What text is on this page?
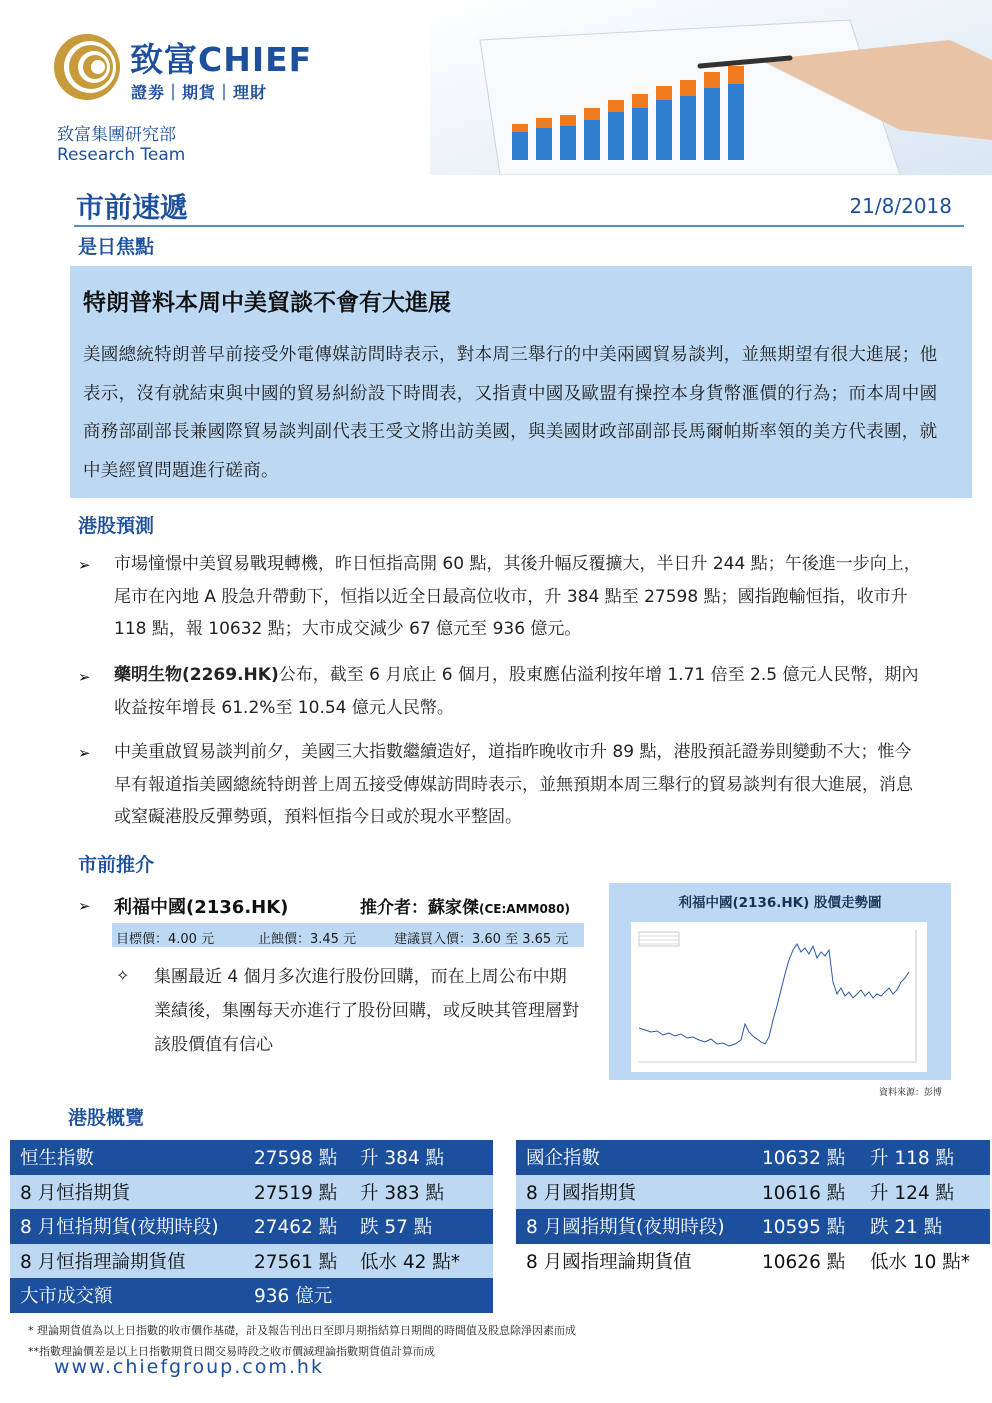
致富CHIEF
證劵｜期貨｜理財
致富集團研究部
Research Team
市前速遞	21/8/2018
是日焦點
特朗普料本周中美貿談不會有大進展
美國總統特朗普早前接受外電傳媒訪問時表示，對本周三舉行的中美兩國貿易談判，並無期望有很大進展；他表示，沒有就結束與中國的貿易糾紛設下時間表，又指責中國及歐盟有操控本身貨幣滙價的行為；而本周中國商務部副部長兼國際貿易談判副代表王受文將出訪美國，與美國財政部副部長馬爾帕斯率領的美方代表團，就中美經貿問題進行磋商。
港股預測
➢ 市場憧憬中美貿易戰現轉機，昨日恒指高開 60 點，其後升幅反覆擴大，半日升 244 點；午後進一步向上，尾市在內地 A 股急升帶動下，恒指以近全日最高位收市，升 384 點至 27598 點；國指跑輸恒指，收市升 118 點，報 10632 點；大市成交減少 67 億元至 936 億元。
➢ 藥明生物(2269.HK)公布，截至 6 月底止 6 個月，股東應佔溢利按年增 1.71 倍至 2.5 億元人民幣，期內收益按年增長 61.2%至 10.54 億元人民幣。
➢ 中美重啟貿易談判前夕，美國三大指數繼續造好，道指昨晚收市升 89 點，港股預託證劵則變動不大；惟今早有報道指美國總統特朗普上周五接受傳媒訪問時表示，並無預期本周三舉行的貿易談判有很大進展，消息或窒礙港股反彈勢頭，預料恒指今日或於現水平整固。
市前推介
➢ 利福中國(2136.HK)	推介者：蘇家傑(CE:AMM080)
目標價：4.00 元	止蝕價：3.45 元	建議買入價：3.60 至 3.65 元
✧ 集團最近 4 個月多次進行股份回購，而在上周公布中期業績後，集團每天亦進行了股份回購，或反映其管理層對該股價值有信心
利福中國(2136.HK) 股價走勢圖
資料來源：彭博
港股概覽
恒生指數	27598 點	升 384 點
8 月恒指期貨	27519 點	升 383 點
8 月恒指期貨(夜期時段)	27462 點	跌 57 點
8 月恒指理論期貨值	27561 點	低水 42 點*
大市成交額	936 億元	
國企指數	10632 點	升 118 點
8 月國指期貨	10616 點	升 124 點
8 月國指期貨(夜期時段)	10595 點	跌 21 點
8 月國指理論期貨值	10626 點	低水 10 點*
* 理論期貨值為以上日指數的收市價作基礎，計及報告刊出日至即月期指結算日期間的時間值及股息除淨因素而成
**指數理論價差是以上日指數期貨日間交易時段之收市價減理論指數期貨值計算而成
www.chiefgroup.com.hk
